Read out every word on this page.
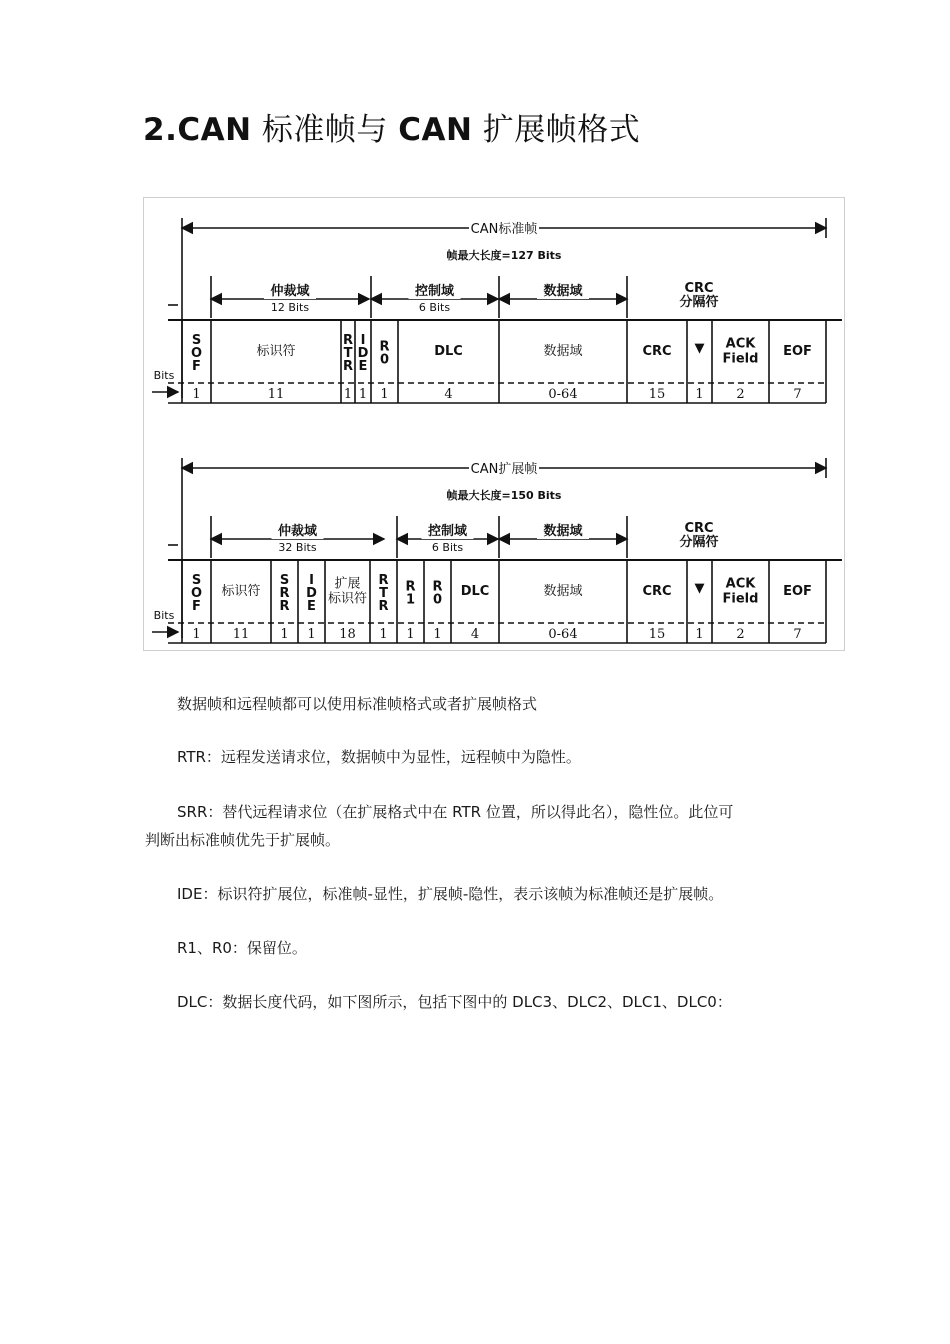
2.CAN 标准帧与 CAN 扩展帧格式
CAN标准帧
帧最大长度=127 Bits
仲裁域
12 Bits
控制域
6 Bits
数据域	CRC 分隔符
Bits
S O F
1
标识符
11
R T R
1
I D E
1
R 0
1
DLC
4
数据域
0-64
CRC
15
▼
1
ACK Field
2
EOF
7
CAN扩展帧
帧最大长度=150 Bits
仲裁域
32 Bits
控制域
6 Bits
数据域	CRC 分隔符
Bits
S O F
1
标识符
11
S R R
1
I D E
1
扩展标识符
18
R T R
1
R 1
1
R 0
1
DLC
4
数据域
0-64
CRC
15
▼
1
ACK Field
2
EOF
7
数据帧和远程帧都可以使用标准帧格式或者扩展帧格式
RTR：远程发送请求位，数据帧中为显性，远程帧中为隐性。
SRR：替代远程请求位（在扩展格式中在 RTR 位置，所以得此名），隐性位。此位可
判断出标准帧优先于扩展帧。
IDE：标识符扩展位，标准帧-显性，扩展帧-隐性，表示该帧为标准帧还是扩展帧。
R1、R0：保留位。
DLC：数据长度代码，如下图所示，包括下图中的 DLC3、DLC2、DLC1、DLC0：
